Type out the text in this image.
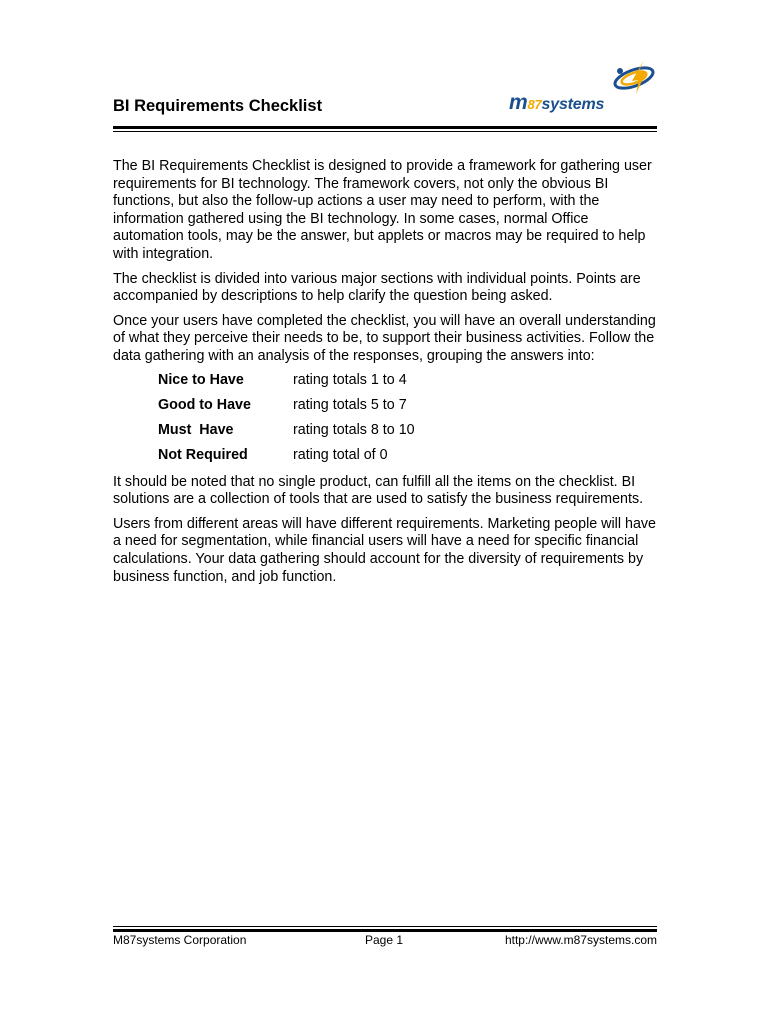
BI Requirements Checklist	m87systems

The BI Requirements Checklist is designed to provide a framework for gathering user requirements for BI technology. The framework covers, not only the obvious BI functions, but also the follow-up actions a user may need to perform, with the information gathered using the BI technology. In some cases, normal Office automation tools, may be the answer, but applets or macros may be required to help with integration.

The checklist is divided into various major sections with individual points. Points are accompanied by descriptions to help clarify the question being asked.

Once your users have completed the checklist, you will have an overall understanding of what they perceive their needs to be, to support their business activities. Follow the data gathering with an analysis of the responses, grouping the answers into:

Nice to Have	rating totals 1 to 4
Good to Have	rating totals 5 to 7
Must  Have	rating totals 8 to 10
Not Required	rating total of 0

It should be noted that no single product, can fulfill all the items on the checklist. BI solutions are a collection of tools that are used to satisfy the business requirements.

Users from different areas will have different requirements. Marketing people will have a need for segmentation, while financial users will have a need for specific financial calculations. Your data gathering should account for the diversity of requirements by business function, and job function.

M87systems Corporation	Page 1	http://www.m87systems.com
